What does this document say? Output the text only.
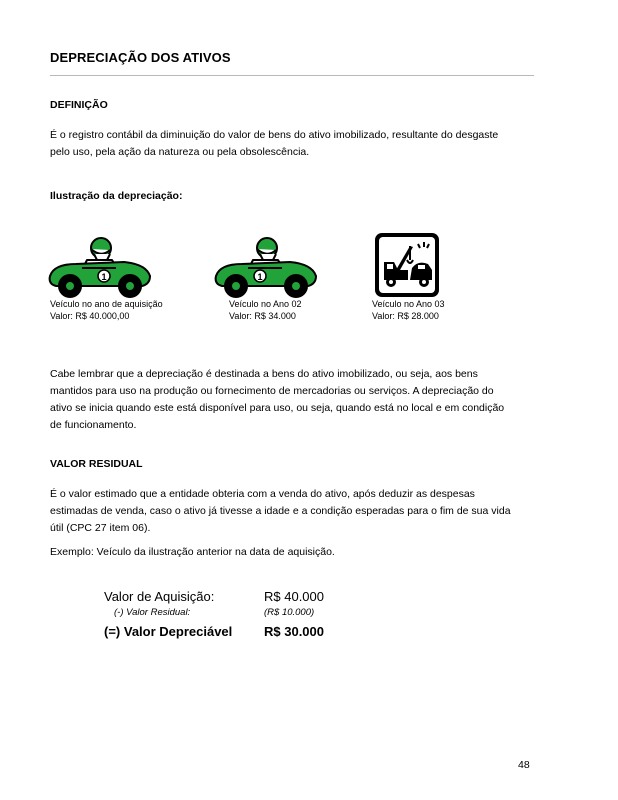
DEPRECIAÇÃO DOS ATIVOS
DEFINIÇÃO
É o registro contábil da diminuição do valor de bens do ativo imobilizado, resultante do desgaste
pelo uso, pela ação da natureza ou pela obsolescência.
Ilustração da depreciação:
1
Veículo no ano de aquisição
Valor: R$ 40.000,00
1
Veículo no Ano 02
Valor: R$ 34.000
Veículo no Ano 03
Valor: R$ 28.000
Cabe lembrar que a depreciação é destinada a bens do ativo imobilizado, ou seja, aos bens
mantidos para uso na produção ou fornecimento de mercadorias ou serviços. A depreciação do
ativo se inicia quando este está disponível para uso, ou seja, quando está no local e em condição
de funcionamento.
VALOR RESIDUAL
É o valor estimado que a entidade obteria com a venda do ativo, após deduzir as despesas
estimadas de venda, caso o ativo já tivesse a idade e a condição esperadas para o fim de sua vida
útil (CPC 27 item 06).
Exemplo: Veículo da ilustração anterior na data de aquisição.
Valor de Aquisição:	R$ 40.000
(-) Valor Residual:	(R$ 10.000)
(=) Valor Depreciável R$ 30.000
48
